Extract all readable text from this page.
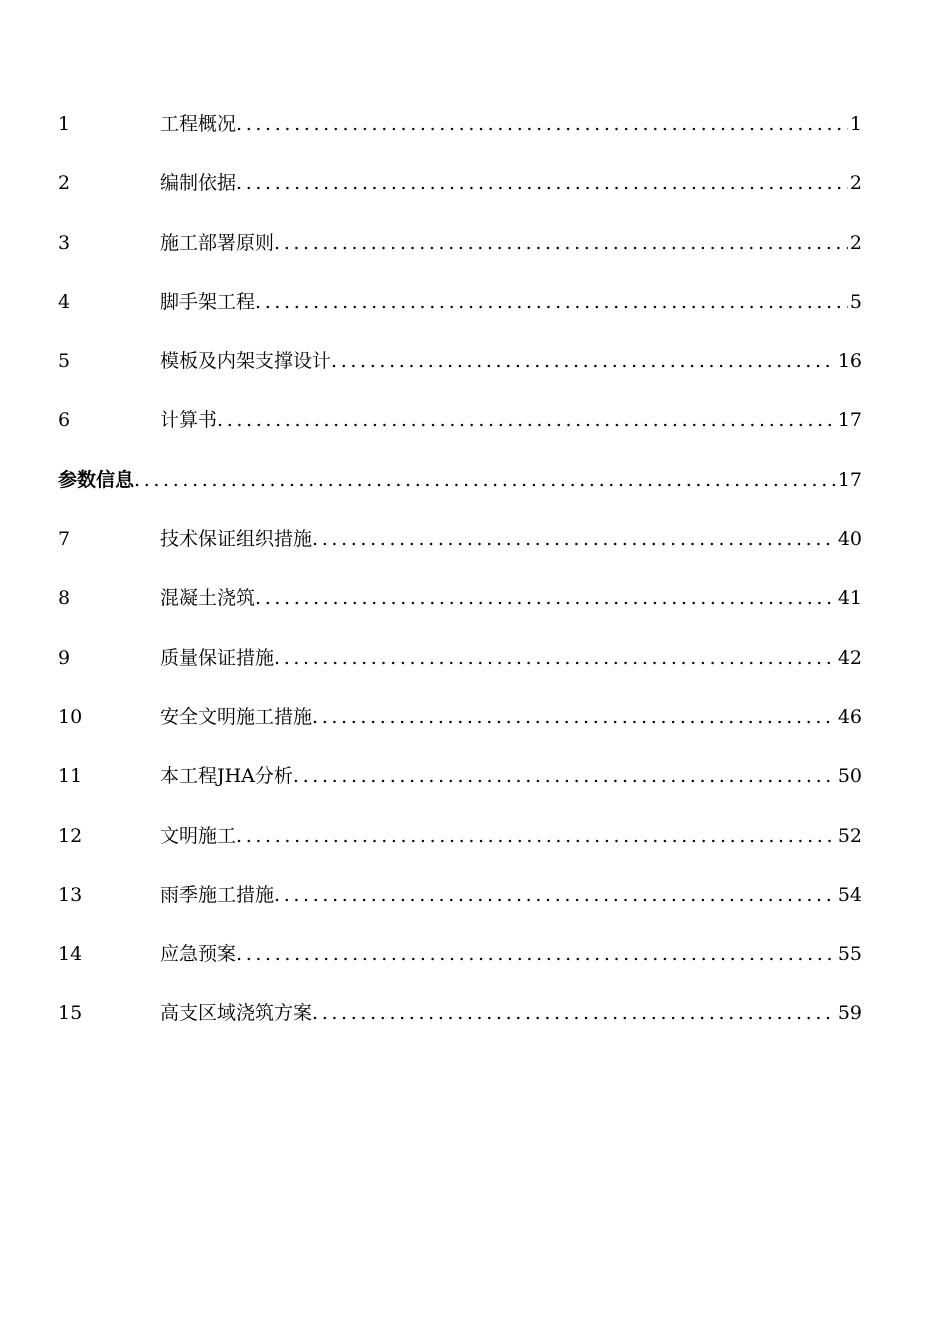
1	工程概况 . . .	1
2	编制依据 . . .	2
3	施工部署原则 . . .	2
4	脚手架工程 . . .	5
5	模板及内架支撑设计 . . .	16
6	计算书 . . .	17
参数信息 . . .	17
7	技术保证组织措施 . . .	40
8	混凝土浇筑 . . .	41
9	质量保证措施 . . .	42
10	安全文明施工措施 . . .	46
11	本工程JHA分析 . . .	50
12	文明施工 . . .	52
13	雨季施工措施 . . .	54
14	应急预案 . . .	55
15	高支区域浇筑方案 . . .	59
